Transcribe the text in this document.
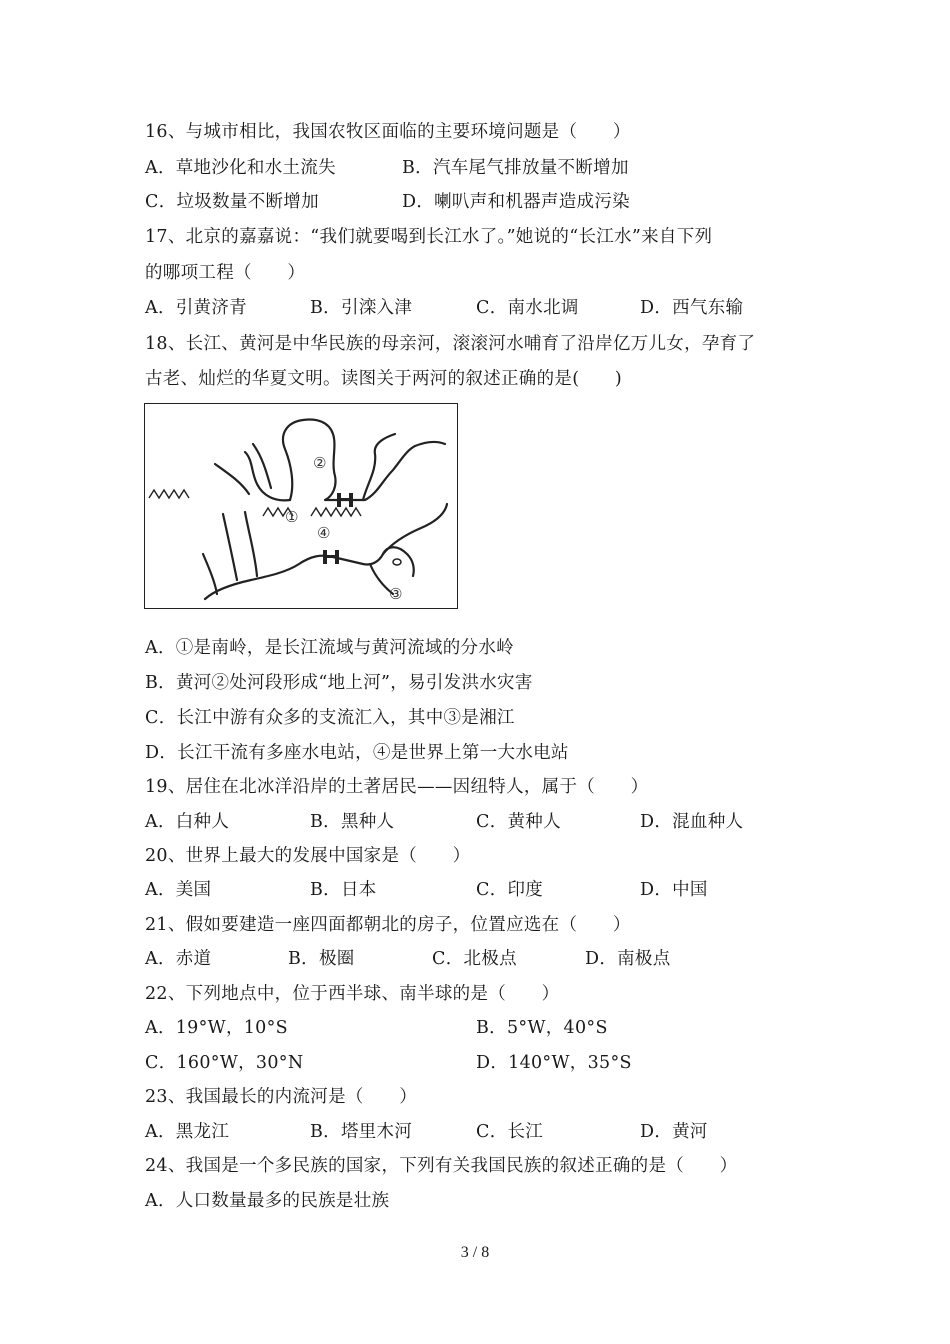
16、与城市相比，我国农牧区面临的主要环境问题是（　　）
A．草地沙化和水土流失	B．汽车尾气排放量不断增加
C．垃圾数量不断增加	D．喇叭声和机器声造成污染
17、北京的嘉嘉说：“我们就要喝到长江水了。”她说的“长江水”来自下列
的哪项工程（　　）
A．引黄济青	B．引滦入津	C．南水北调	D．西气东输
18、长江、黄河是中华民族的母亲河，滚滚河水哺育了沿岸亿万儿女，孕育了
古老、灿烂的华夏文明。读图关于两河的叙述正确的是(　　)
②
①
④
③
A．①是南岭，是长江流域与黄河流域的分水岭
B．黄河②处河段形成“地上河”，易引发洪水灾害
C．长江中游有众多的支流汇入，其中③是湘江
D．长江干流有多座水电站，④是世界上第一大水电站
19、居住在北冰洋沿岸的土著居民——因纽特人，属于（　　）
A．白种人	B．黑种人	C．黄种人	D．混血种人
20、世界上最大的发展中国家是（　　）
A．美国	B．日本	C．印度	D．中国
21、假如要建造一座四面都朝北的房子，位置应选在（　　）
A．赤道	B．极圈	C．北极点	D．南极点
22、下列地点中，位于西半球、南半球的是（　　）
A．19°W，10°S	B．5°W，40°S
C．160°W，30°N	D．140°W，35°S
23、我国最长的内流河是（　　）
A．黑龙江	B．塔里木河	C．长江	D．黄河
24、我国是一个多民族的国家，下列有关我国民族的叙述正确的是（　　）
A．人口数量最多的民族是壮族
3 / 8
